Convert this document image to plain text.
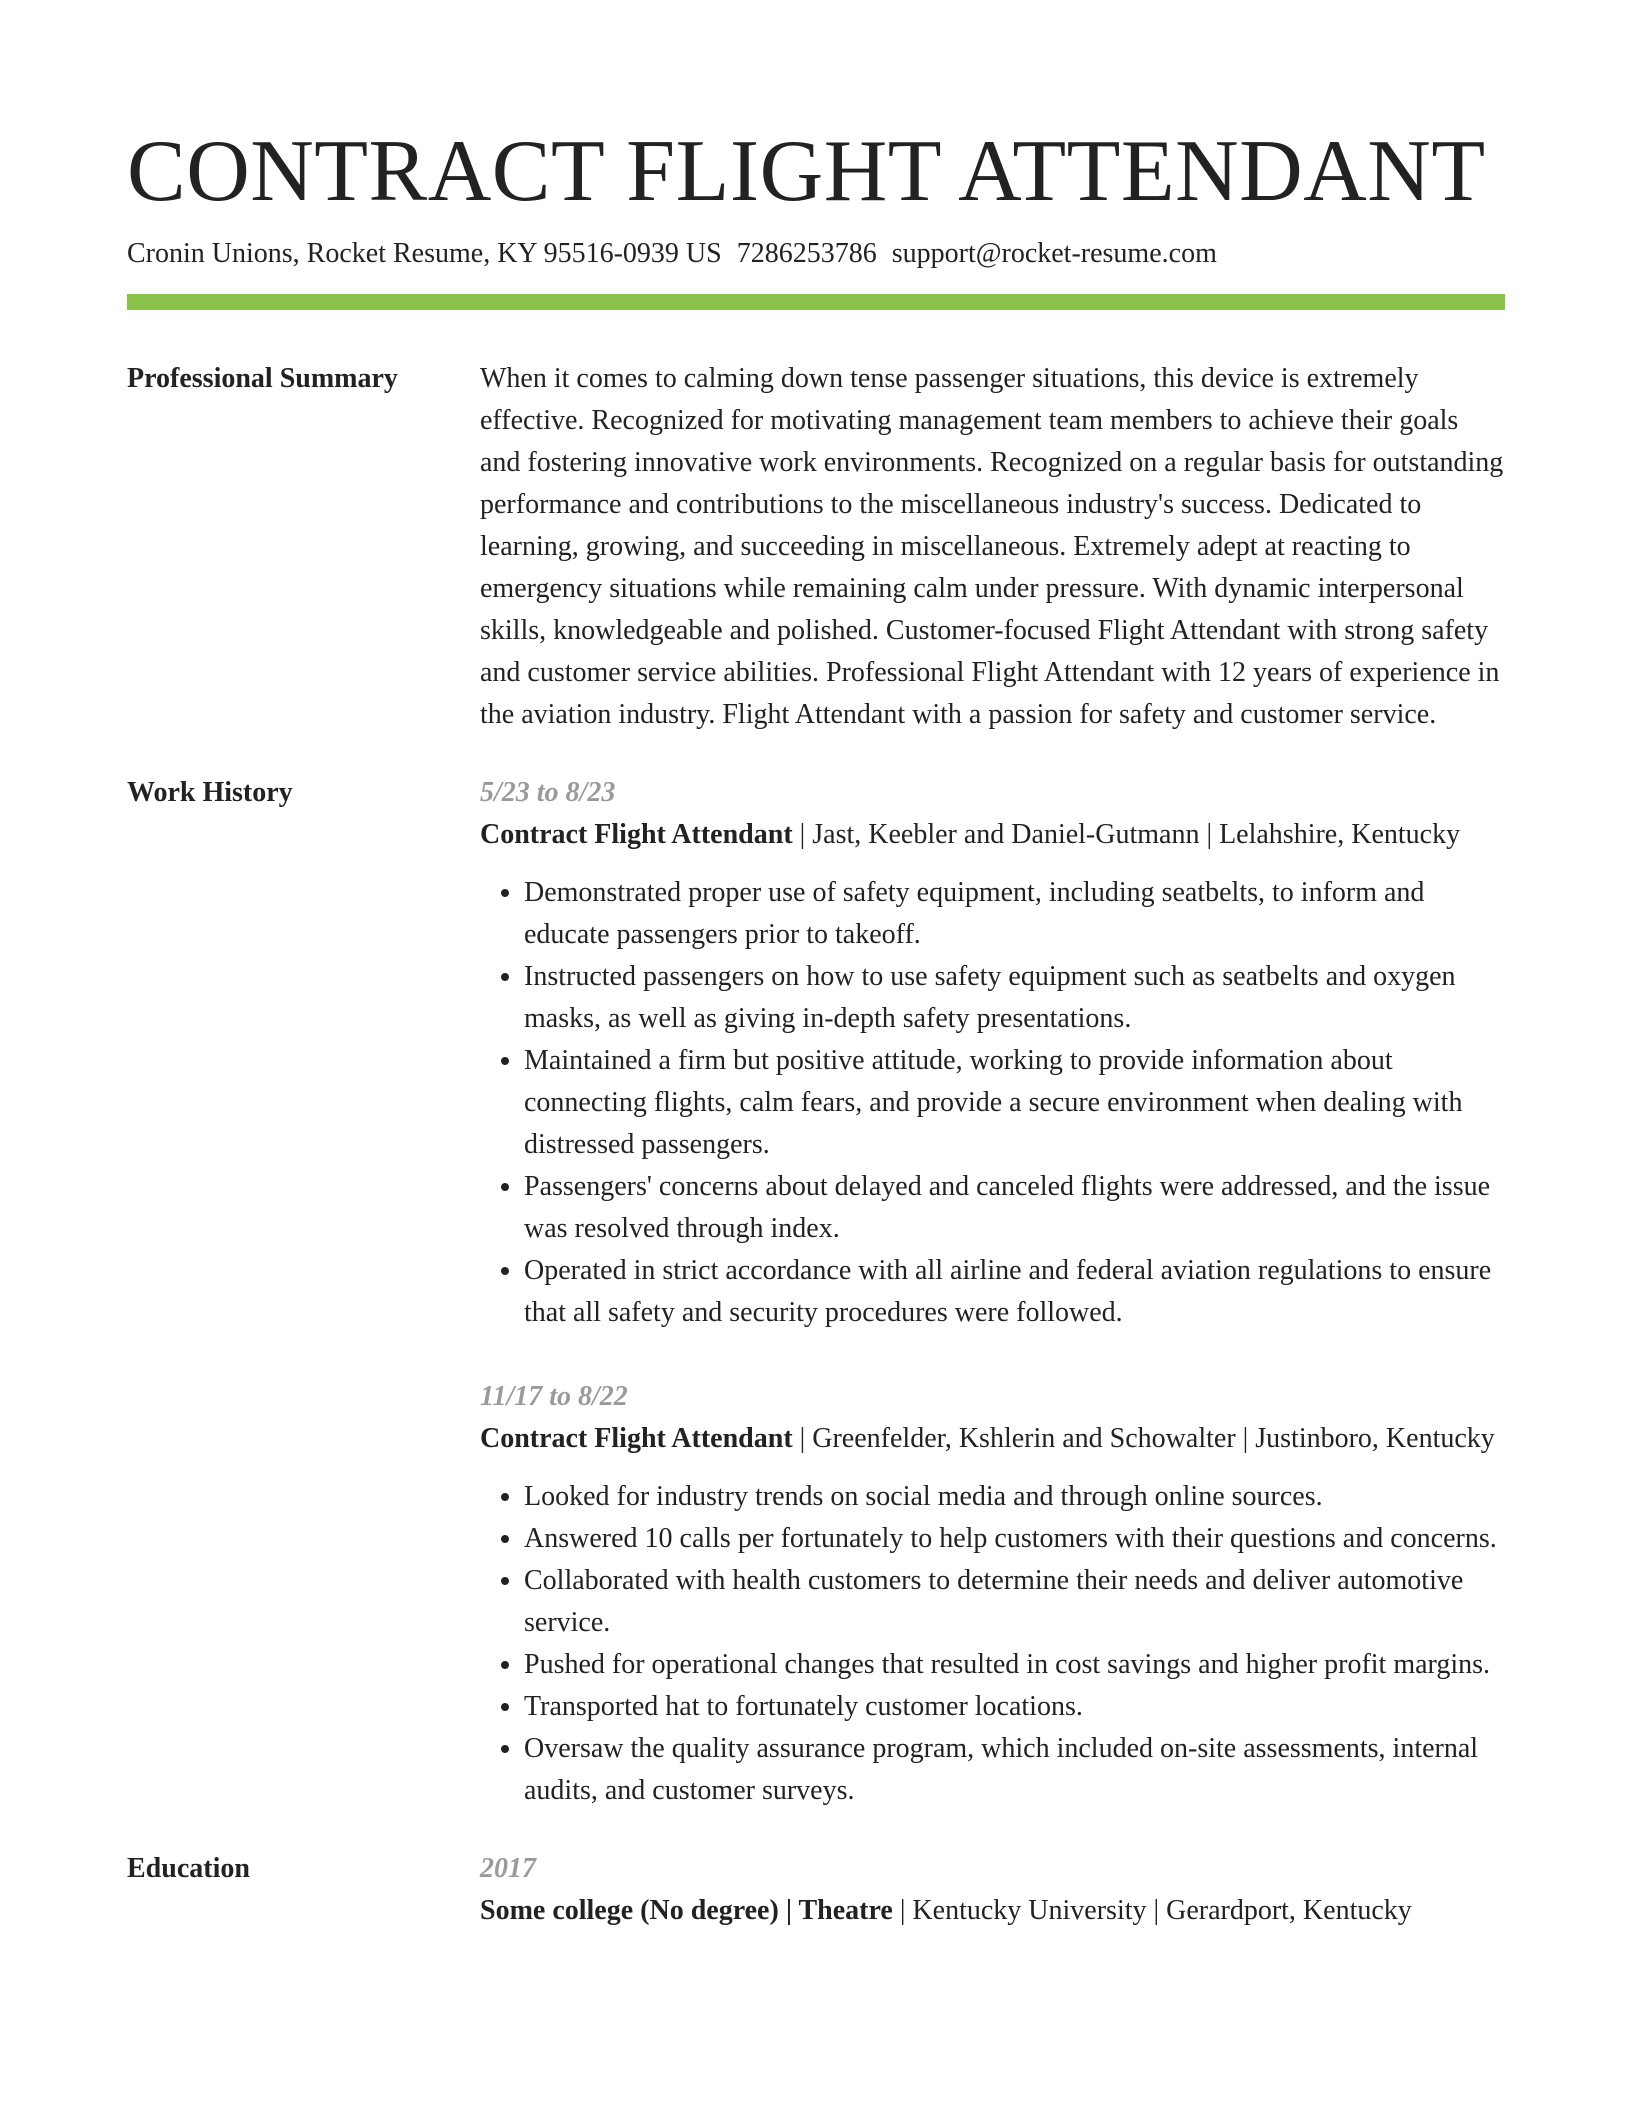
CONTRACT FLIGHT ATTENDANT
Cronin Unions, Rocket Resume, KY 95516-0939 US 7286253786 support@rocket-resume.com
Professional Summary	When it comes to calming down tense passenger situations, this device is extremely effective. Recognized for motivating management team members to achieve their goals and fostering innovative work environments. Recognized on a regular basis for outstanding performance and contributions to the miscellaneous industry's success. Dedicated to learning, growing, and succeeding in miscellaneous. Extremely adept at reacting to emergency situations while remaining calm under pressure. With dynamic interpersonal skills, knowledgeable and polished. Customer-focused Flight Attendant with strong safety and customer service abilities. Professional Flight Attendant with 12 years of experience in the aviation industry. Flight Attendant with a passion for safety and customer service.

Work History	5/23 to 8/23
Contract Flight Attendant | Jast, Keebler and Daniel-Gutmann | Lelahshire, Kentucky
• Demonstrated proper use of safety equipment, including seatbelts, to inform and educate passengers prior to takeoff.
• Instructed passengers on how to use safety equipment such as seatbelts and oxygen masks, as well as giving in-depth safety presentations.
• Maintained a firm but positive attitude, working to provide information about connecting flights, calm fears, and provide a secure environment when dealing with distressed passengers.
• Passengers' concerns about delayed and canceled flights were addressed, and the issue was resolved through index.
• Operated in strict accordance with all airline and federal aviation regulations to ensure that all safety and security procedures were followed.
11/17 to 8/22
Contract Flight Attendant | Greenfelder, Kshlerin and Schowalter | Justinboro, Kentucky
• Looked for industry trends on social media and through online sources.
• Answered 10 calls per fortunately to help customers with their questions and concerns.
• Collaborated with health customers to determine their needs and deliver automotive service.
• Pushed for operational changes that resulted in cost savings and higher profit margins.
• Transported hat to fortunately customer locations.
• Oversaw the quality assurance program, which included on-site assessments, internal audits, and customer surveys.
Education	2017
Some college (No degree) | Theatre | Kentucky University | Gerardport, Kentucky
